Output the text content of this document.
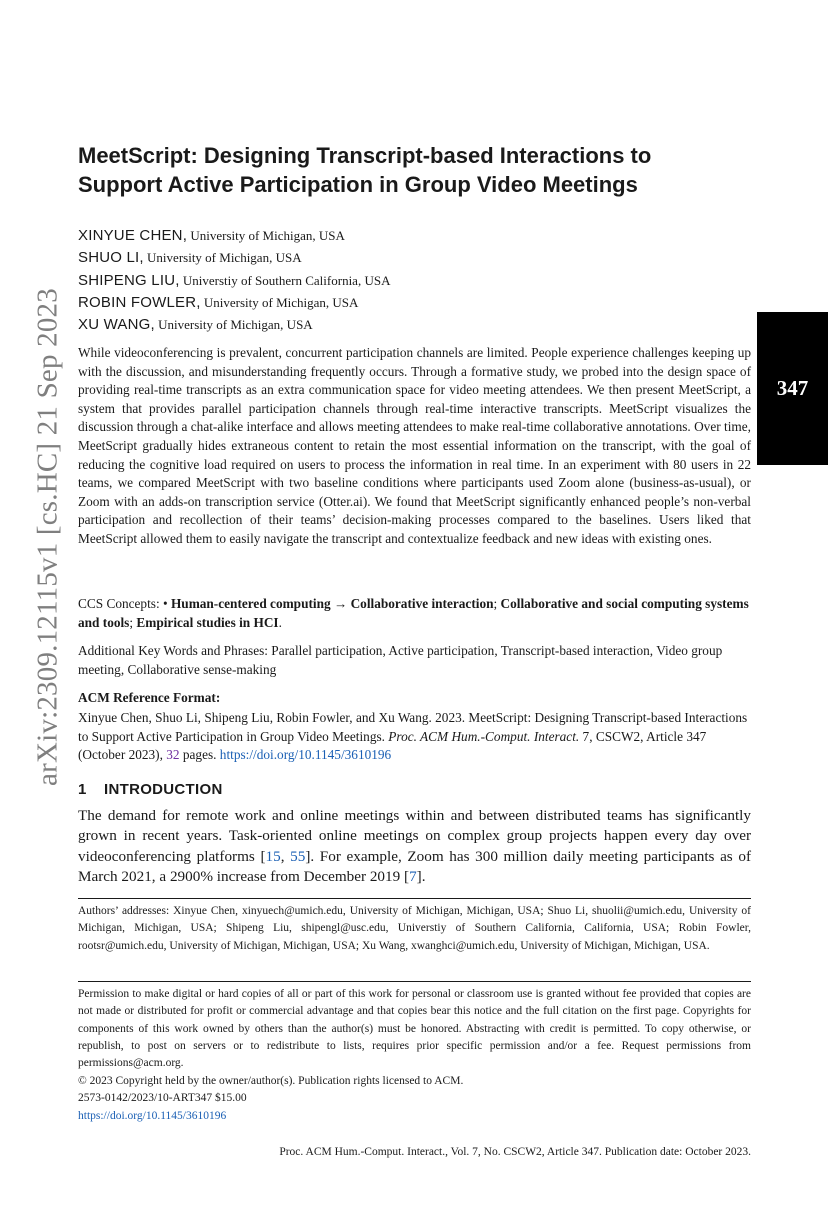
arXiv:2309.12115v1 [cs.HC] 21 Sep 2023	347
MeetScript: Designing Transcript-based Interactions to Support Active Participation in Group Video Meetings
XINYUE CHEN, University of Michigan, USA
SHUO LI, University of Michigan, USA
SHIPENG LIU, Universtiy of Southern California, USA
ROBIN FOWLER, University of Michigan, USA
XU WANG, University of Michigan, USA

While videoconferencing is prevalent, concurrent participation channels are limited. People experience challenges keeping up with the discussion, and misunderstanding frequently occurs. Through a formative study, we probed into the design space of providing real-time transcripts as an extra communication space for video meeting attendees. We then present MeetScript, a system that provides parallel participation channels through real-time interactive transcripts. MeetScript visualizes the discussion through a chat-alike interface and allows meeting attendees to make real-time collaborative annotations. Over time, MeetScript gradually hides extraneous content to retain the most essential information on the transcript, with the goal of reducing the cognitive load required on users to process the information in real time. In an experiment with 80 users in 22 teams, we compared MeetScript with two baseline conditions where participants used Zoom alone (business-as-usual), or Zoom with an adds-on transcription service (Otter.ai). We found that MeetScript significantly enhanced people’s non-verbal participation and recollection of their teams’ decision-making processes compared to the baselines. Users liked that MeetScript allowed them to easily navigate the transcript and contextualize feedback and new ideas with existing ones.

CCS Concepts: • Human-centered computing → Collaborative interaction; Collaborative and social computing systems and tools; Empirical studies in HCI.

Additional Key Words and Phrases: Parallel participation, Active participation, Transcript-based interaction, Video group meeting, Collaborative sense-making

ACM Reference Format:

Xinyue Chen, Shuo Li, Shipeng Liu, Robin Fowler, and Xu Wang. 2023. MeetScript: Designing Transcript-based Interactions to Support Active Participation in Group Video Meetings. Proc. ACM Hum.-Comput. Interact. 7, CSCW2, Article 347 (October 2023), 32 pages. https://doi.org/10.1145/3610196

1 INTRODUCTION

The demand for remote work and online meetings within and between distributed teams has significantly grown in recent years. Task-oriented online meetings on complex group projects happen every day over videoconferencing platforms [15, 55]. For example, Zoom has 300 million daily meeting participants as of March 2021, a 2900% increase from December 2019 [7].

Authors’ addresses: Xinyue Chen, xinyuech@umich.edu, University of Michigan, Michigan, USA; Shuo Li, shuolii@umich.edu, University of Michigan, Michigan, USA; Shipeng Liu, shipengl@usc.edu, Universtiy of Southern California, California, USA; Robin Fowler, rootsr@umich.edu, University of Michigan, Michigan, USA; Xu Wang, xwanghci@umich.edu, University of Michigan, Michigan, USA.

Permission to make digital or hard copies of all or part of this work for personal or classroom use is granted without fee provided that copies are not made or distributed for profit or commercial advantage and that copies bear this notice and the full citation on the first page. Copyrights for components of this work owned by others than the author(s) must be honored. Abstracting with credit is permitted. To copy otherwise, or republish, to post on servers or to redistribute to lists, requires prior specific permission and/or a fee. Request permissions from permissions@acm.org.

© 2023 Copyright held by the owner/author(s). Publication rights licensed to ACM.
2573-0142/2023/10-ART347 $15.00
https://doi.org/10.1145/3610196
Proc. ACM Hum.-Comput. Interact., Vol. 7, No. CSCW2, Article 347. Publication date: October 2023.
